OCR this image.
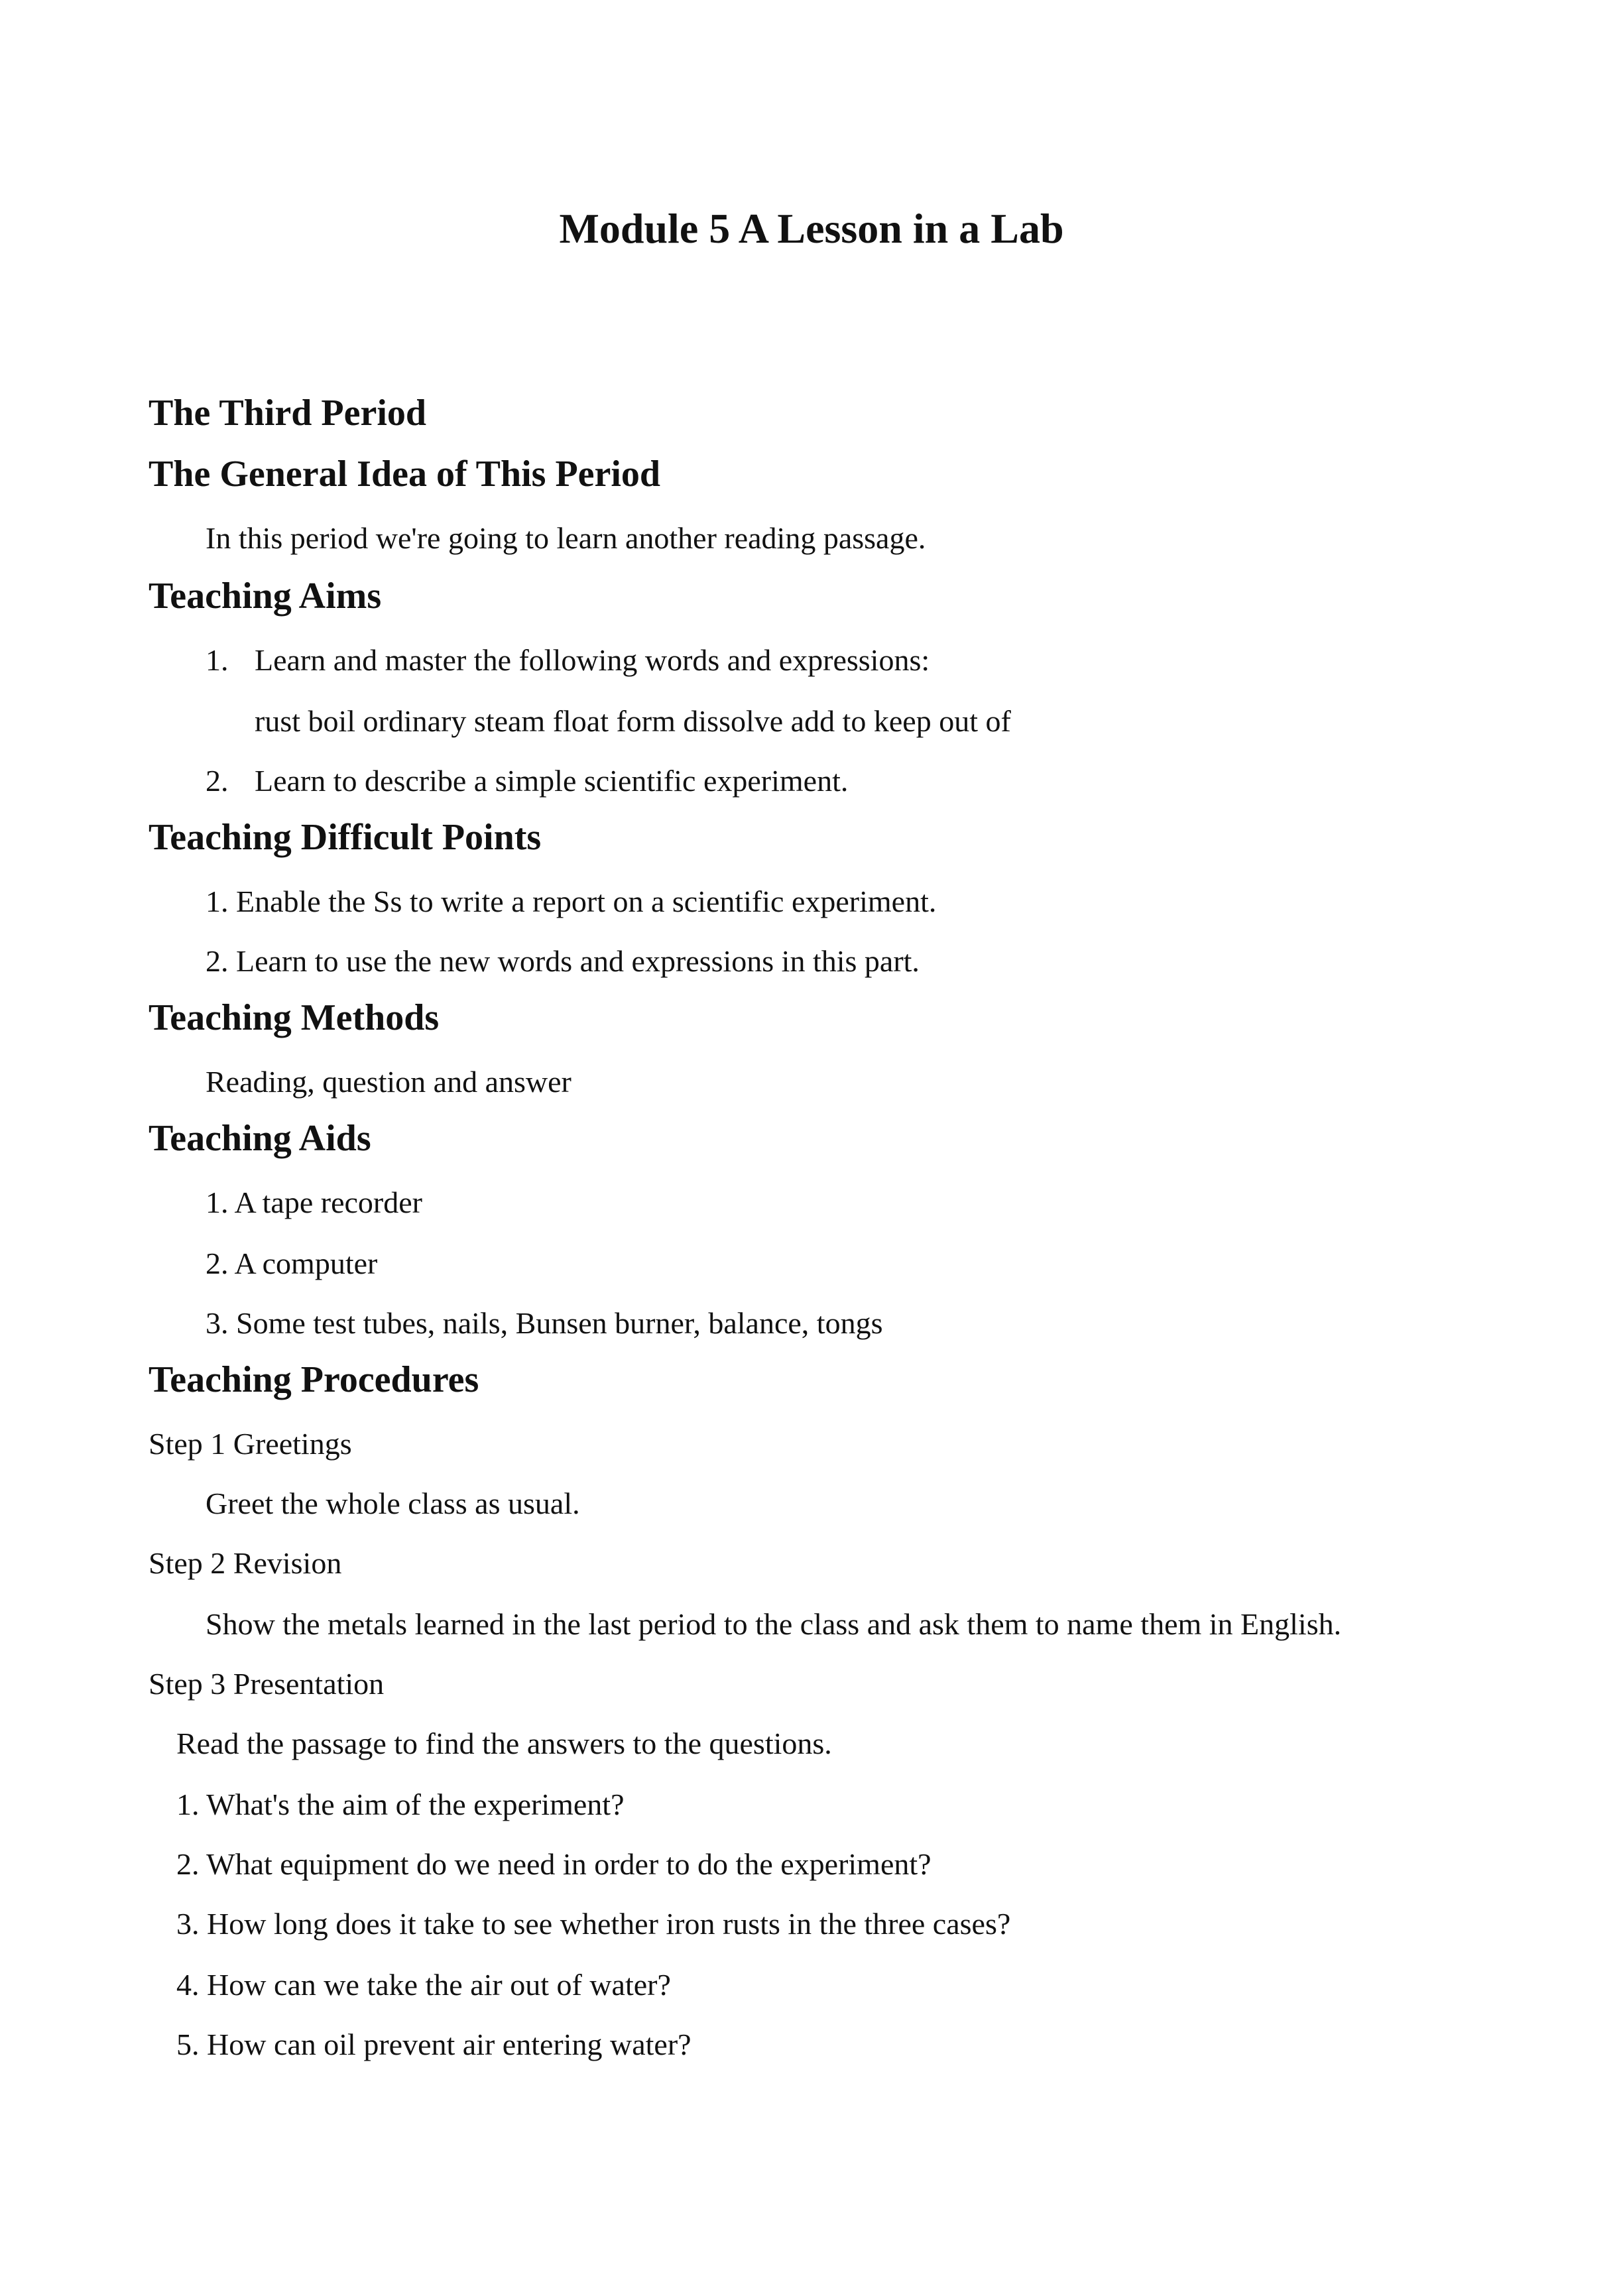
Module 5 A Lesson in a Lab
The Third Period
The General Idea of This Period
In this period we're going to learn another reading passage.
Teaching Aims
1. Learn and master the following words and expressions:
rust boil ordinary steam float form dissolve add to keep out of
2. Learn to describe a simple scientific experiment.
Teaching Difficult Points
1. Enable the Ss to write a report on a scientific experiment.
2. Learn to use the new words and expressions in this part.
Teaching Methods
Reading, question and answer
Teaching Aids
1. A tape recorder
2. A computer
3. Some test tubes, nails, Bunsen burner, balance, tongs
Teaching Procedures
Step 1 Greetings
Greet the whole class as usual.
Step 2 Revision
Show the metals learned in the last period to the class and ask them to name them in English.
Step 3 Presentation
Read the passage to find the answers to the questions.
1. What's the aim of the experiment?
2. What equipment do we need in order to do the experiment?
3. How long does it take to see whether iron rusts in the three cases?
4. How can we take the air out of water?
5. How can oil prevent air entering water?
